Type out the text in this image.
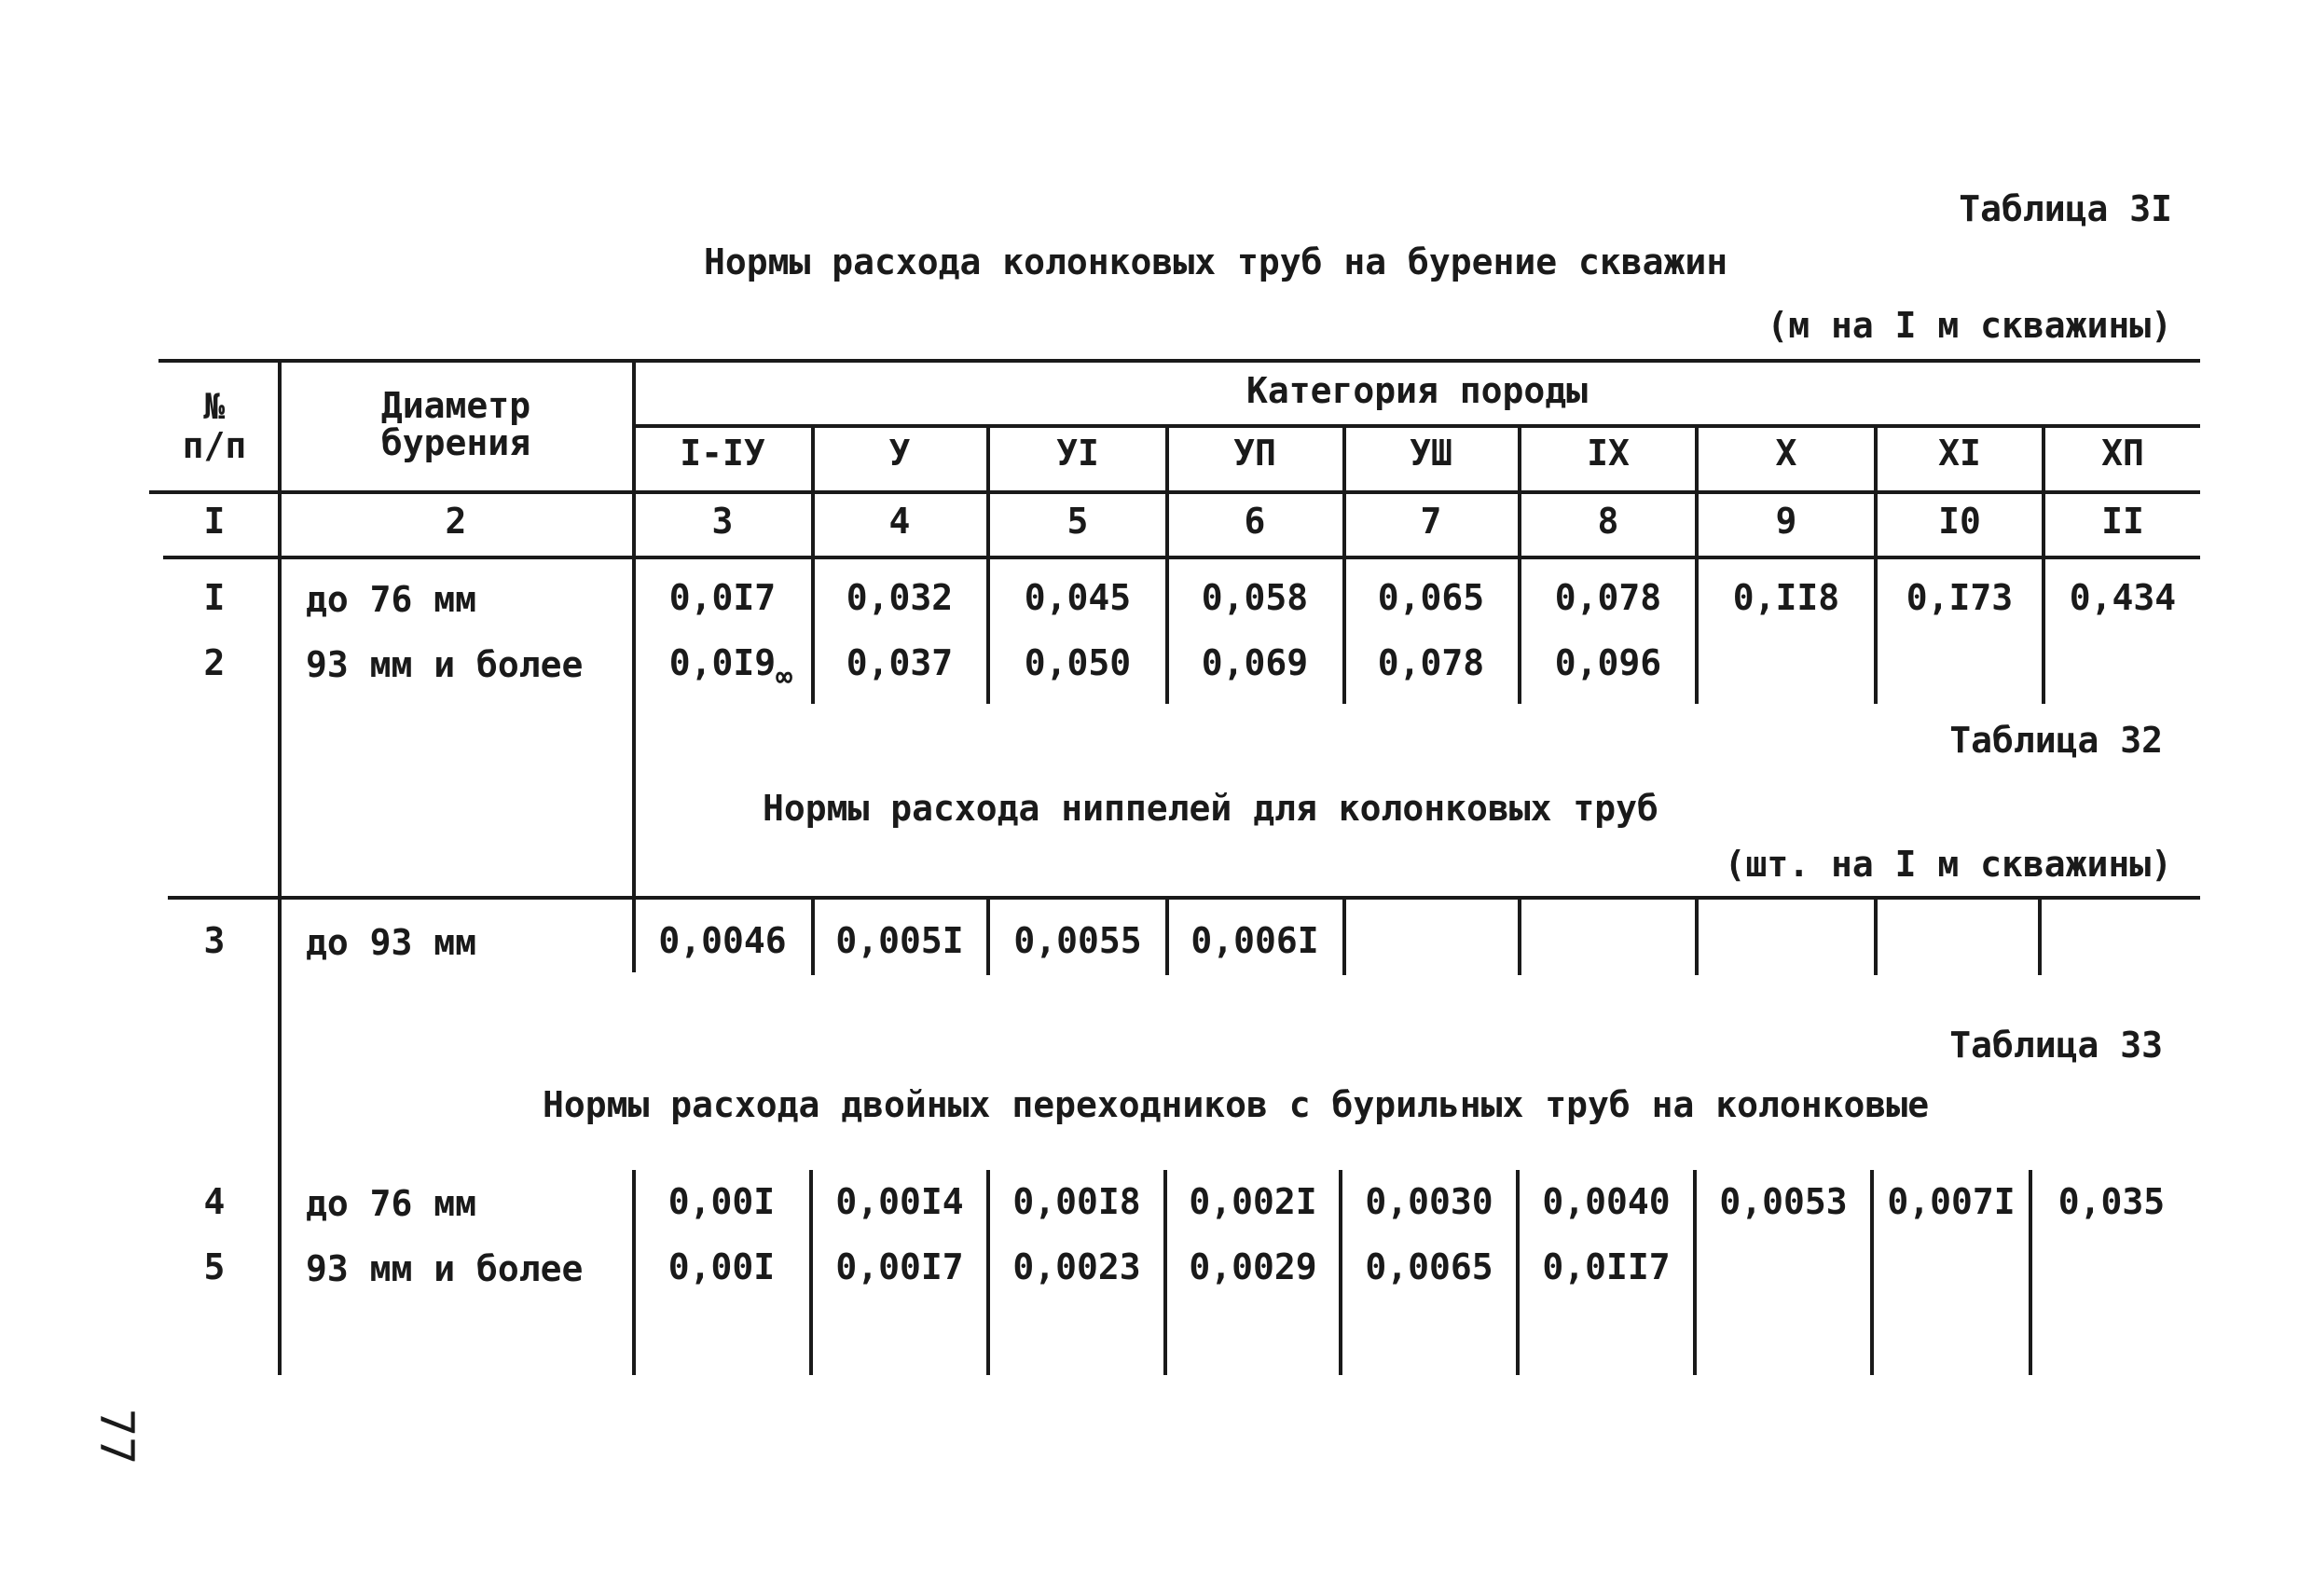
Таблица 3I
Нормы расхода колонковых труб на бурение скважин
(м на I м скважины)
№
п/п
Диаметр
бурения
Категория породы
I-IУ	У	УI	УП	УШ	IX	X	XI	XП
I	2	3	4	5	6	7	8	9	I0	II
I	до 76 мм	0,0I7	0,032	0,045	0,058	0,065	0,078	0,II8	0,I73	0,434
2	93 мм и более	0,0I9 ∞	0,037	0,050	0,069	0,078	0,096
Таблица 32
Нормы расхода ниппелей для колонковых труб
(шт. на I м скважины)
3	до 93 мм	0,0046	0,005I	0,0055	0,006I
Таблица 33
Нормы расхода двойных переходников с бурильных труб на колонковые
4	до 76 мм	0,00I	0,00I4	0,00I8	0,002I	0,0030	0,0040	0,0053	0,007I	0,035
5	93 мм и более	0,00I	0,00I7	0,0023	0,0029	0,0065	0,0II7
77
